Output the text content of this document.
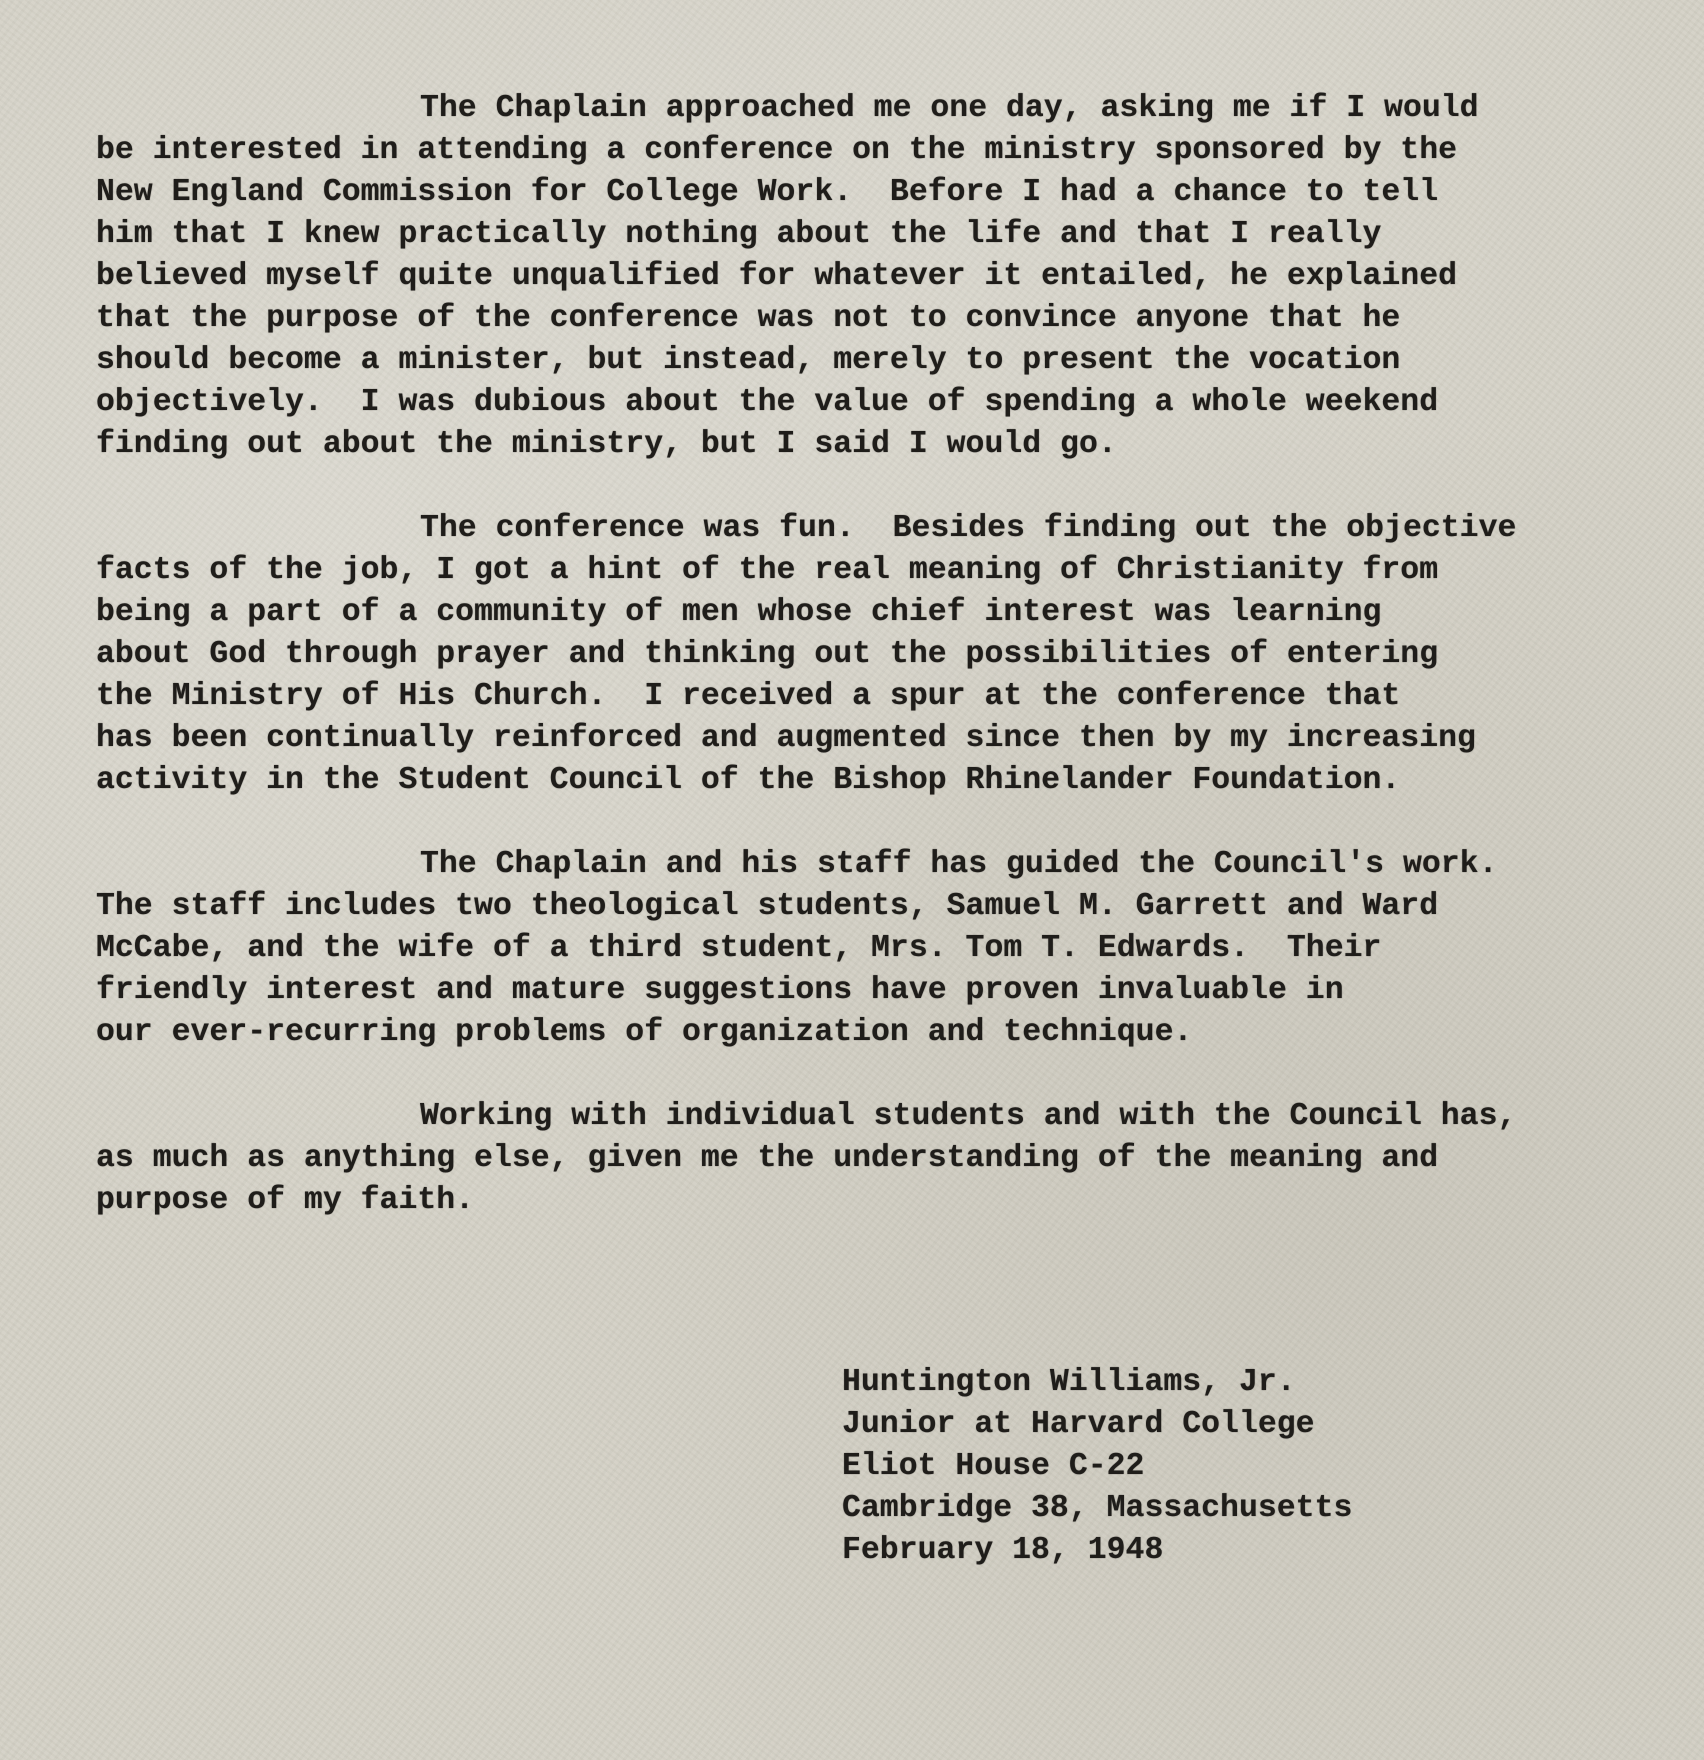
The Chaplain approached me one day, asking me if I would
be interested in attending a conference on the ministry sponsored by the
New England Commission for College Work.  Before I had a chance to tell
him that I knew practically nothing about the life and that I really
believed myself quite unqualified for whatever it entailed, he explained
that the purpose of the conference was not to convince anyone that he
should become a minister, but instead, merely to present the vocation
objectively.  I was dubious about the value of spending a whole weekend
finding out about the ministry, but I said I would go.
The conference was fun.  Besides finding out the objective
facts of the job, I got a hint of the real meaning of Christianity from
being a part of a community of men whose chief interest was learning
about God through prayer and thinking out the possibilities of entering
the Ministry of His Church.  I received a spur at the conference that
has been continually reinforced and augmented since then by my increasing
activity in the Student Council of the Bishop Rhinelander Foundation.
The Chaplain and his staff has guided the Council's work.
The staff includes two theological students, Samuel M. Garrett and Ward
McCabe, and the wife of a third student, Mrs. Tom T. Edwards.  Their
friendly interest and mature suggestions have proven invaluable in
our ever-recurring problems of organization and technique.
Working with individual students and with the Council has,
as much as anything else, given me the understanding of the meaning and
purpose of my faith.
Huntington Williams, Jr.
Junior at Harvard College
Eliot House C-22
Cambridge 38, Massachusetts
February 18, 1948
